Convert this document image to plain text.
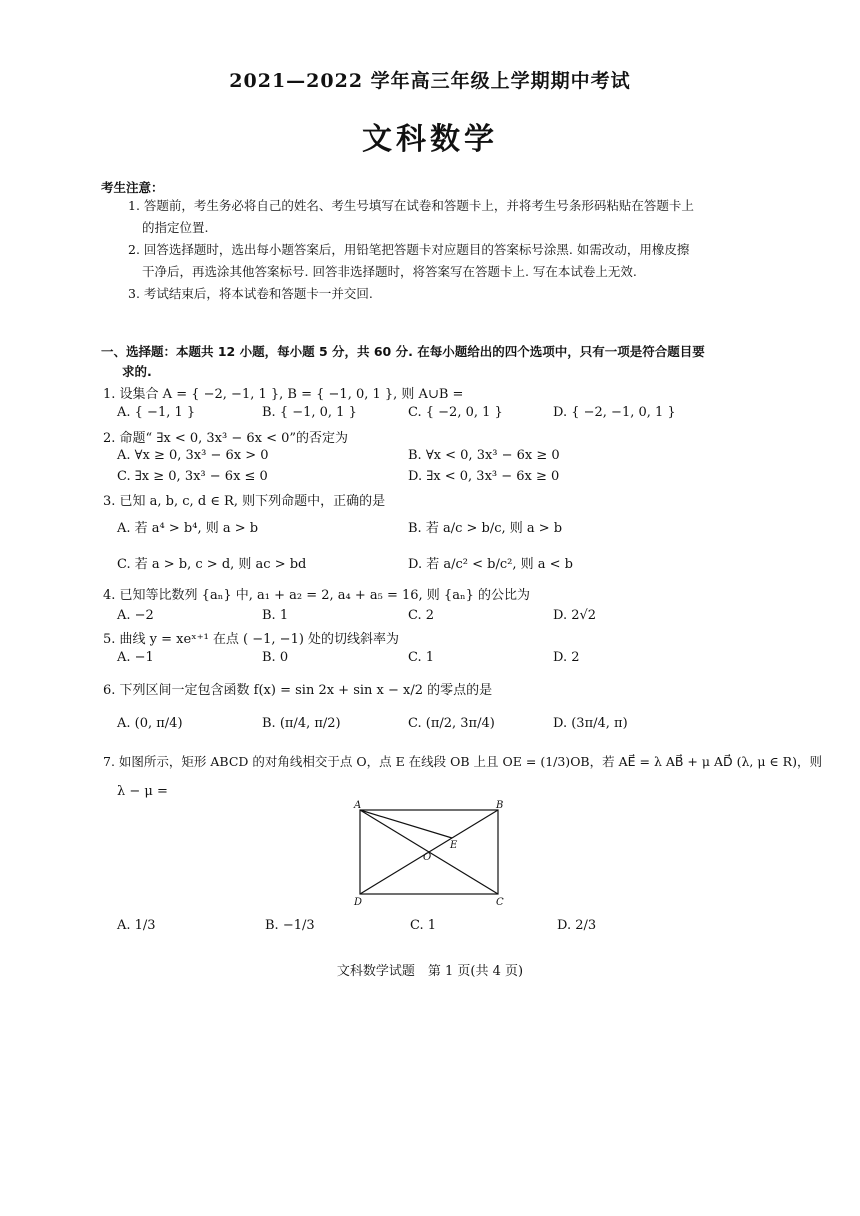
2021—2022 学年高三年级上学期期中考试
文科数学
考生注意：
1. 答题前，考生务必将自己的姓名、考生号填写在试卷和答题卡上，并将考生号条形码粘贴在答题卡上
的指定位置.
2. 回答选择题时，选出每小题答案后，用铅笔把答题卡对应题目的答案标号涂黑. 如需改动，用橡皮擦
干净后，再选涂其他答案标号. 回答非选择题时，将答案写在答题卡上. 写在本试卷上无效.
3. 考试结束后，将本试卷和答题卡一并交回.
一、选择题：本题共 12 小题，每小题 5 分，共 60 分. 在每小题给出的四个选项中，只有一项是符合题目要
求的.
1. 设集合 A = { −2, −1, 1 }, B = { −1, 0, 1 }, 则 A∪B =
A. { −1, 1 }	B. { −1, 0, 1 }	C. { −2, 0, 1 }	D. { −2, −1, 0, 1 }
2. 命题“ ∃x < 0, 3x³ − 6x < 0”的否定为
A. ∀x ≥ 0, 3x³ − 6x > 0	B. ∀x < 0, 3x³ − 6x ≥ 0
C. ∃x ≥ 0, 3x³ − 6x ≤ 0	D. ∃x < 0, 3x³ − 6x ≥ 0
3. 已知 a, b, c, d ∈ R, 则下列命题中，正确的是
A. 若 a⁴ > b⁴, 则 a > b	B. 若 a/c > b/c, 则 a > b
C. 若 a > b, c > d, 则 ac > bd	D. 若 a/c² < b/c², 则 a < b
4. 已知等比数列 {aₙ} 中, a₁ + a₂ = 2, a₄ + a₅ = 16, 则 {aₙ} 的公比为
A. −2	B. 1	C. 2	D. 2√2
5. 曲线 y = xeˣ⁺¹ 在点 ( −1, −1) 处的切线斜率为
A. −1	B. 0	C. 1	D. 2
6. 下列区间一定包含函数 f(x) = sin 2x + sin x − x/2 的零点的是
A. (0, π/4)	B. (π/4, π/2)	C. (π/2, 3π/4)	D. (3π/4, π)
7. 如图所示，矩形 ABCD 的对角线相交于点 O，点 E 在线段 OB 上且 OE = (1/3)OB，若 AE⃗ = λ AB⃗ + μ AD⃗ (λ, μ ∈ R)，则
λ − μ =
A	B
C
D
O
E
A. 1/3	B. −1/3	C. 1	D. 2/3
文科数学试题　第 1 页(共 4 页)
